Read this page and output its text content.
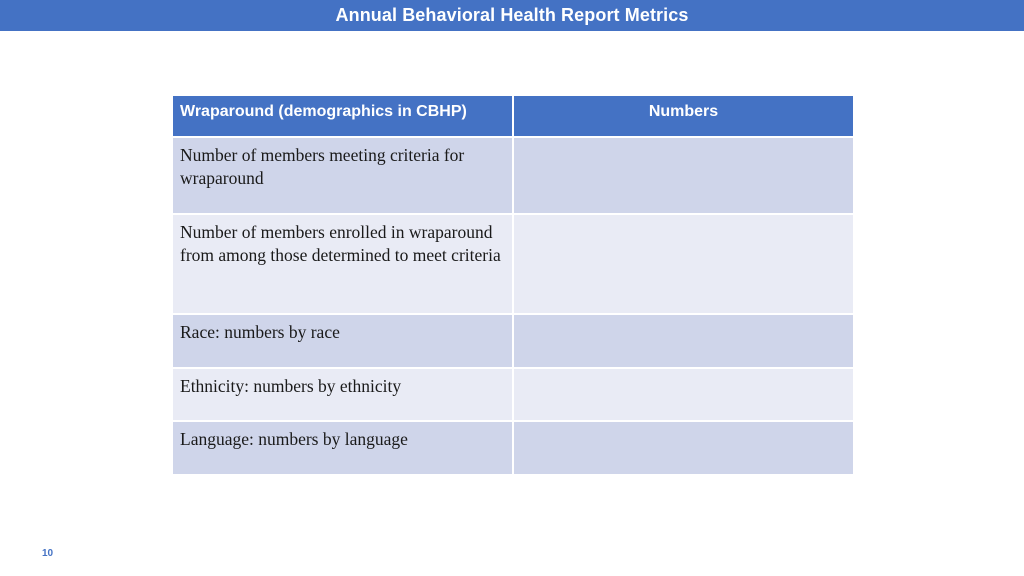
Annual Behavioral Health Report Metrics
Wraparound (demographics in CBHP)	Numbers
Number of members meeting criteria for wraparound	
Number of members enrolled in wraparound from among those determined to meet criteria	
Race: numbers by race	
Ethnicity: numbers by ethnicity	
Language: numbers by language	
10
